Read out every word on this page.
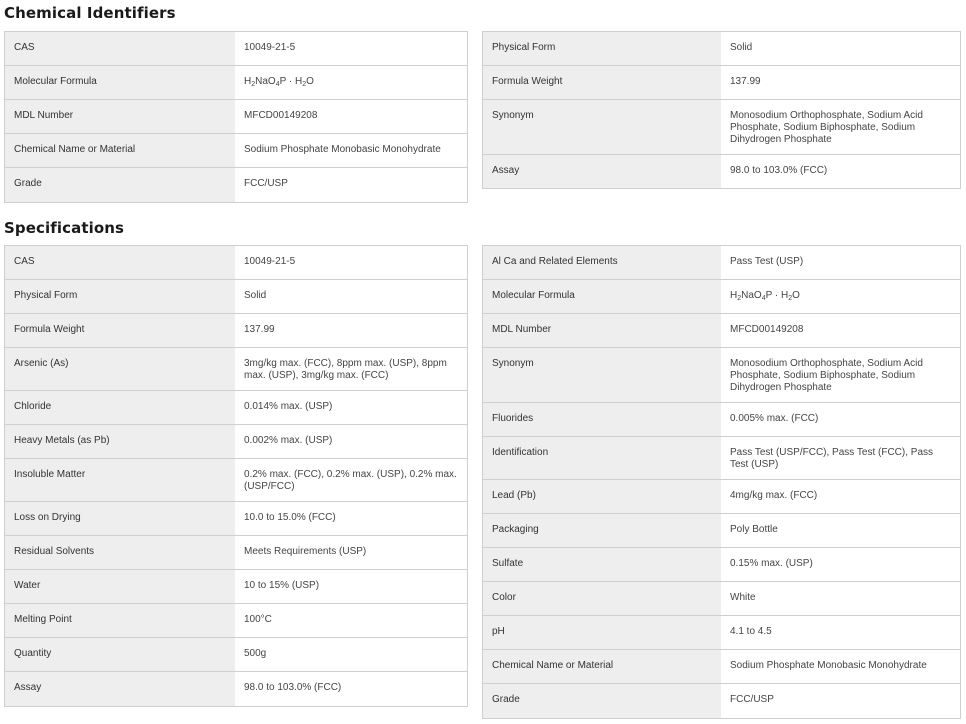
Chemical Identifiers
CAS	10049-21-5
Molecular Formula	$H_2NaO_4P \cdot H_2O$
MDL Number	MFCD00149208
Chemical Name or Material	Sodium Phosphate Monobasic Monohydrate
Grade	FCC/USP
Physical Form	Solid
Formula Weight	137.99
Synonym	Monosodium Orthophosphate, Sodium Acid Phosphate, Sodium Biphosphate, Sodium Dihydrogen Phosphate
Assay	98.0 to 103.0% (FCC)
Specifications
CAS	10049-21-5
Physical Form	Solid
Formula Weight	137.99
Arsenic (As)	3mg/kg max. (FCC), 8ppm max. (USP), 8ppm max. (USP), 3mg/kg max. (FCC)
Chloride	0.014% max. (USP)
Heavy Metals (as Pb)	0.002% max. (USP)
Insoluble Matter	0.2% max. (FCC), 0.2% max. (USP), 0.2% max. (USP/FCC)
Loss on Drying	10.0 to 15.0% (FCC)
Residual Solvents	Meets Requirements (USP)
Water	10 to 15% (USP)
Melting Point	100°C
Quantity	500g
Assay	98.0 to 103.0% (FCC)
Al Ca and Related Elements	Pass Test (USP)
Molecular Formula	$H_2NaO_4P \cdot H_2O$
MDL Number	MFCD00149208
Synonym	Monosodium Orthophosphate, Sodium Acid Phosphate, Sodium Biphosphate, Sodium Dihydrogen Phosphate
Fluorides	0.005% max. (FCC)
Identification	Pass Test (USP/FCC), Pass Test (FCC), Pass Test (USP)
Lead (Pb)	4mg/kg max. (FCC)
Packaging	Poly Bottle
Sulfate	0.15% max. (USP)
Color	White
pH	4.1 to 4.5
Chemical Name or Material	Sodium Phosphate Monobasic Monohydrate
Grade	FCC/USP
